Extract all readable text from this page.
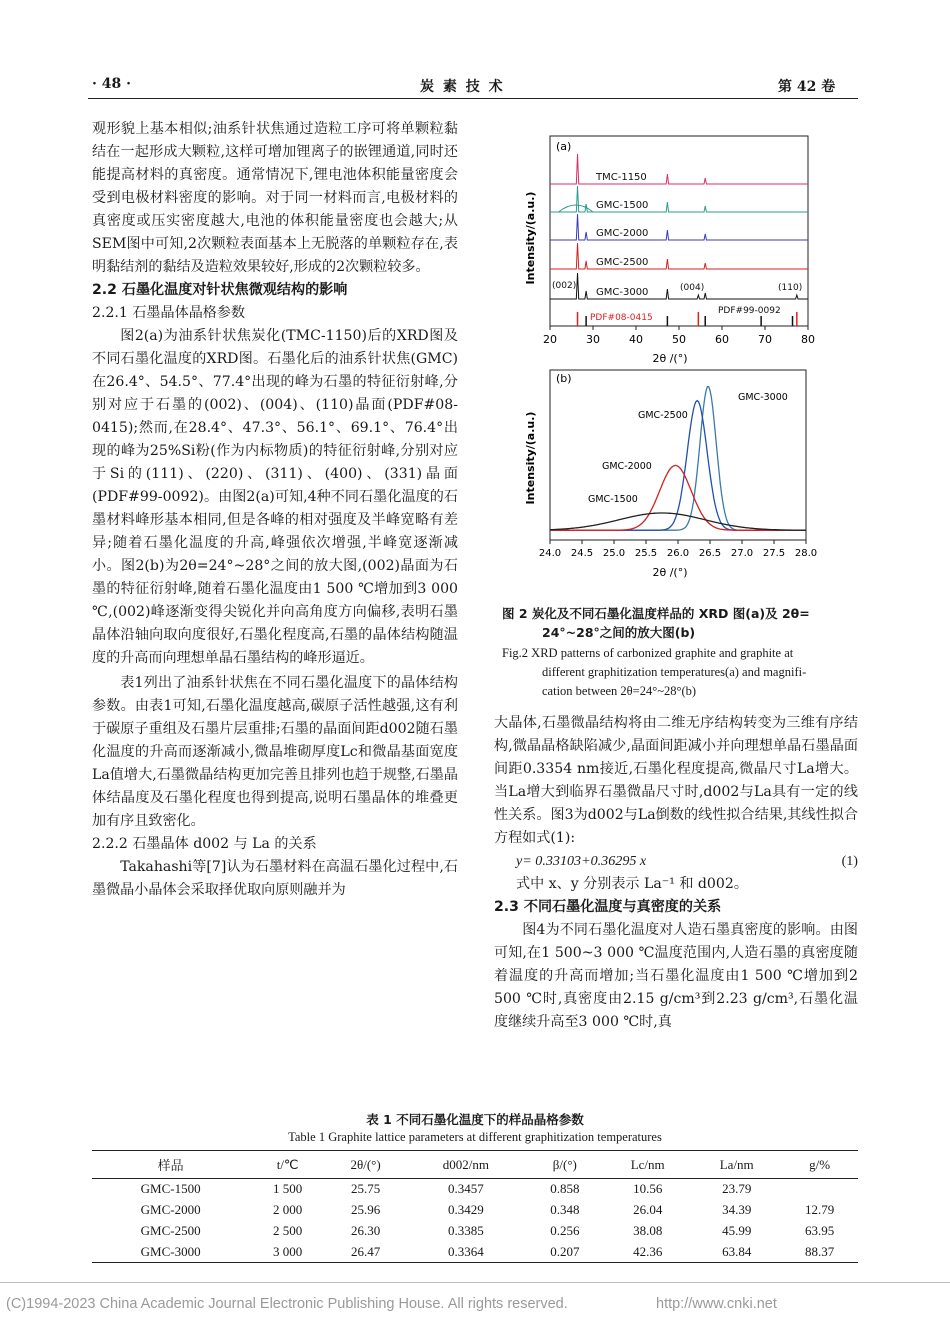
· 48 ·	炭 素 技 术	第 42 卷

观形貌上基本相似;油系针状焦通过造粒工序可将单颗粒黏结在一起形成大颗粒,这样可增加锂离子的嵌锂通道,同时还能提高材料的真密度。通常情况下,锂电池体积能量密度会受到电极材料密度的影响。对于同一材料而言,电极材料的真密度或压实密度越大,电池的体积能量密度也会越大;从SEM图中可知,2次颗粒表面基本上无脱落的单颗粒存在,表明黏结剂的黏结及造粒效果较好,形成的2次颗粒较多。

2.2 石墨化温度对针状焦微观结构的影响

2.2.1 石墨晶体晶格参数

图2(a)为油系针状焦炭化(TMC-1150)后的XRD图及不同石墨化温度的XRD图。石墨化后的油系针状焦(GMC)在26.4°、54.5°、77.4°出现的峰为石墨的特征衍射峰,分别对应于石墨的(002)、(004)、(110)晶面(PDF#08-0415);然而,在28.4°、47.3°、56.1°、69.1°、76.4°出现的峰为25%Si粉(作为内标物质)的特征衍射峰,分别对应于Si的(111)、(220)、(311)、(400)、(331)晶面(PDF#99-0092)。由图2(a)可知,4种不同石墨化温度的石墨材料峰形基本相同,但是各峰的相对强度及半峰宽略有差异;随着石墨化温度的升高,峰强依次增强,半峰宽逐渐减小。图2(b)为2θ=24°~28°之间的放大图,(002)晶面为石墨的特征衍射峰,随着石墨化温度由1 500 ℃增加到3 000 ℃,(002)峰逐渐变得尖锐化并向高角度方向偏移,表明石墨晶体沿轴向取向度很好,石墨化程度高,石墨的晶体结构随温度的升高而向理想单晶石墨结构的峰形逼近。

表1列出了油系针状焦在不同石墨化温度下的晶体结构参数。由表1可知,石墨化温度越高,碳原子活性越强,这有利于碳原子重组及石墨片层重排;石墨的晶面间距d002随石墨化温度的升高而逐渐减小,微晶堆砌厚度Lc和微晶基面宽度La值增大,石墨微晶结构更加完善且排列也趋于规整,石墨晶体结晶度及石墨化程度也得到提高,说明石墨晶体的堆叠更加有序且致密化。

2.2.2 石墨晶体 d002 与 La 的关系

Takahashi等[7]认为石墨材料在高温石墨化过程中,石墨微晶小晶体会采取择优取向原则融并为

(a)
TMC-1150
GMC-1500
GMC-2000
GMC-2500
GMC-3000
(002)	(004)	(110)
PDF#08-0415
PDF#99-0092
20	30	40	50	60	70	80
2θ /(°)
Intensity/(a.u.)
(b)
GMC-3000
GMC-2500
GMC-2000
GMC-1500
24.0 24.5 25.0 25.5 26.0 26.5 27.0 27.5 28.0
2θ /(°)
Intensity/(a.u.)
图 2 炭化及不同石墨化温度样品的 XRD 图(a)及 2θ=
24°~28°之间的放大图(b)
Fig.2 XRD patterns of carbonized graphite and graphite at
different graphitization temperatures(a) and magnifi-
cation between 2θ=24°~28°(b)

大晶体,石墨微晶结构将由二维无序结构转变为三维有序结构,微晶晶格缺陷减少,晶面间距减小并向理想单晶石墨晶面间距0.3354 nm接近,石墨化程度提高,微晶尺寸La增大。当La增大到临界石墨微晶尺寸时,d002与La具有一定的线性关系。图3为d002与La倒数的线性拟合结果,其线性拟合方程如式(1):

y= 0.33103+0.36295 x	(1)

式中 x、y 分别表示 La⁻¹ 和 d002。

2.3 不同石墨化温度与真密度的关系

图4为不同石墨化温度对人造石墨真密度的影响。由图可知,在1 500~3 000 ℃温度范围内,人造石墨的真密度随着温度的升高而增加;当石墨化温度由1 500 ℃增加到2 500 ℃时,真密度由2.15 g/cm³到2.23 g/cm³,石墨化温度继续升高至3 000 ℃时,真

表 1 不同石墨化温度下的样品晶格参数
Table 1 Graphite lattice parameters at different graphitization temperatures
样品	t/℃	2θ/(°)	d002/nm	β/(°)	Lc/nm	La/nm	g/%
GMC-1500	1 500	25.75	0.3457	0.858	10.56	23.79	
GMC-2000	2 000	25.96	0.3429	0.348	26.04	34.39	12.79
GMC-2500	2 500	26.30	0.3385	0.256	38.08	45.99	63.95
GMC-3000	3 000	26.47	0.3364	0.207	42.36	63.84	88.37
(C)1994-2023 China Academic Journal Electronic Publishing House. All rights reserved.	http://www.cnki.net
